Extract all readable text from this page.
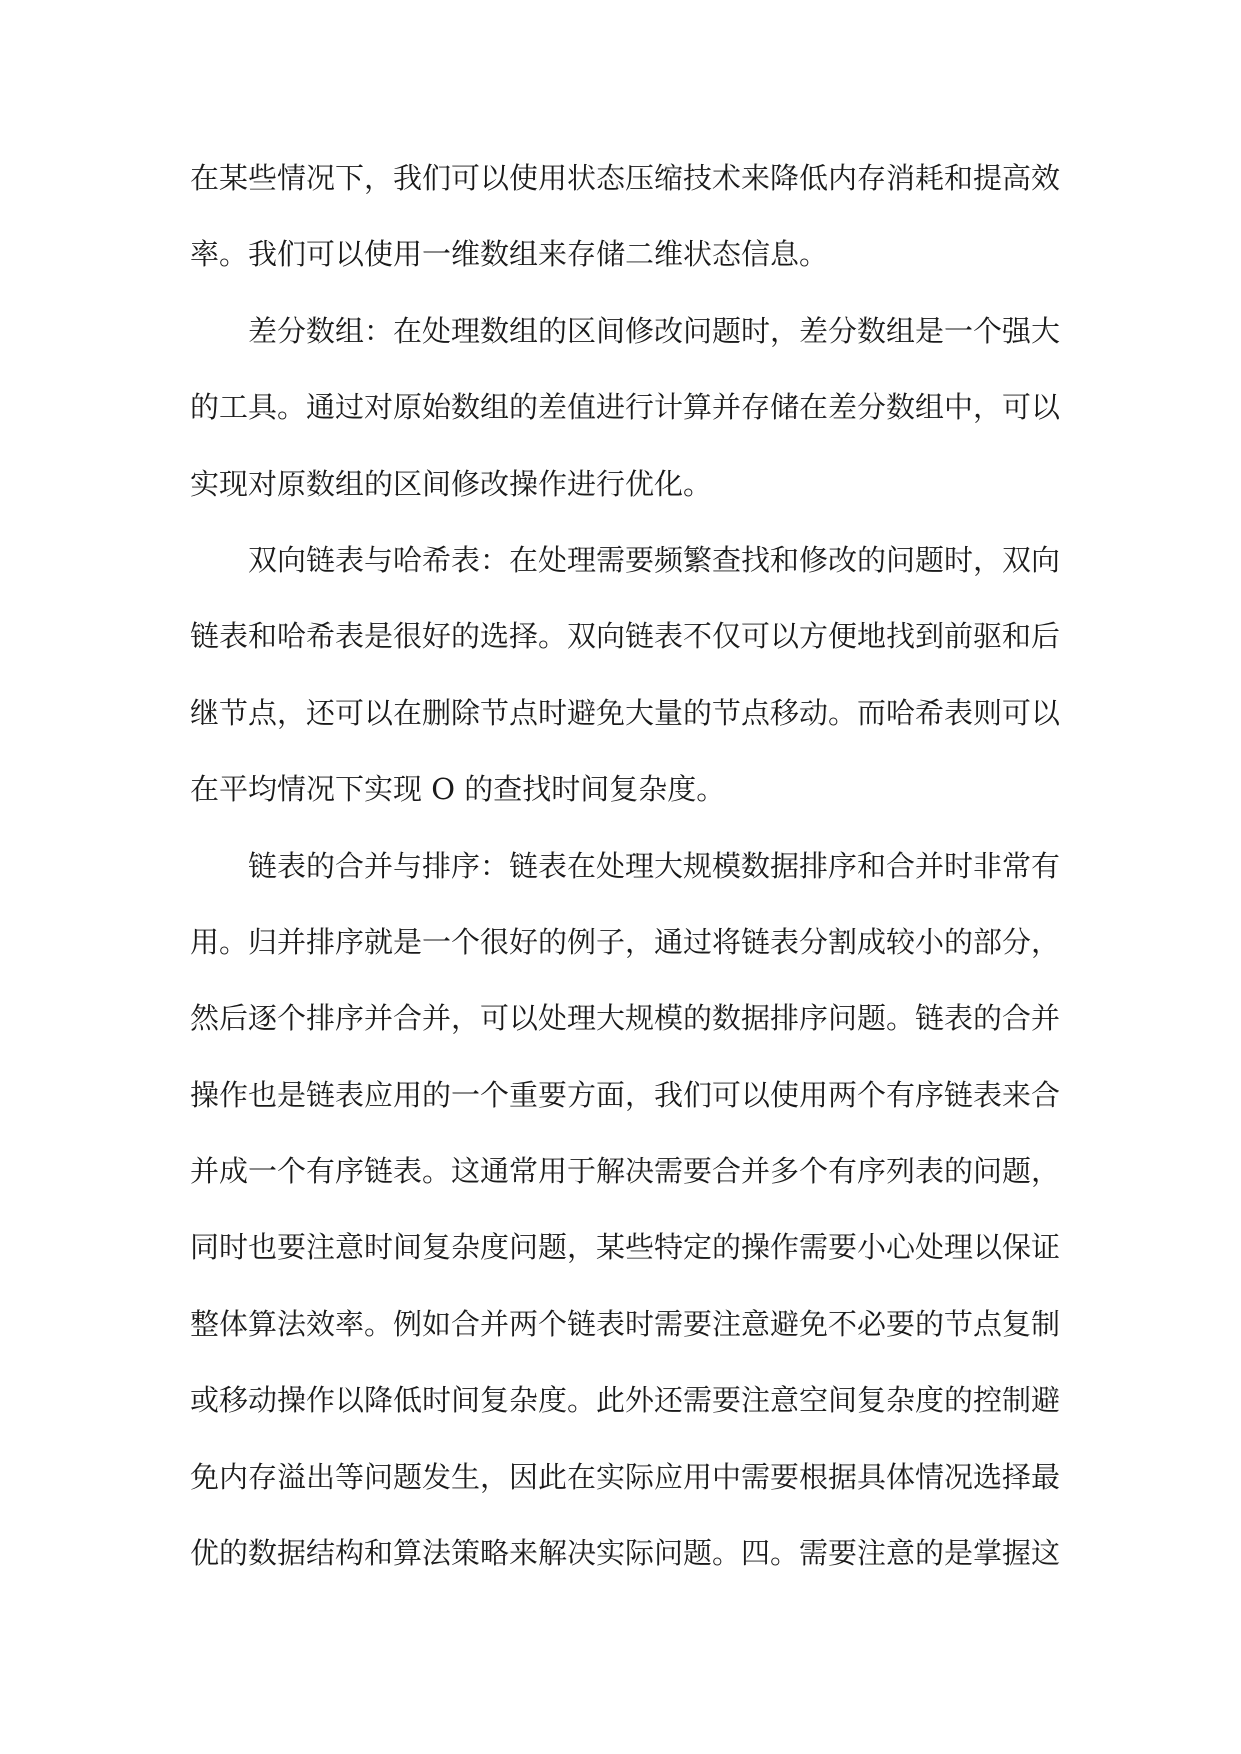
在某些情况下，我们可以使用状态压缩技术来降低内存消耗和提高效
率。我们可以使用一维数组来存储二维状态信息。
差分数组：在处理数组的区间修改问题时，差分数组是一个强大
的工具。通过对原始数组的差值进行计算并存储在差分数组中，可以
实现对原数组的区间修改操作进行优化。
双向链表与哈希表：在处理需要频繁查找和修改的问题时，双向
链表和哈希表是很好的选择。双向链表不仅可以方便地找到前驱和后
继节点，还可以在删除节点时避免大量的节点移动。而哈希表则可以
在平均情况下实现 O 的查找时间复杂度。
链表的合并与排序：链表在处理大规模数据排序和合并时非常有
用。归并排序就是一个很好的例子，通过将链表分割成较小的部分，
然后逐个排序并合并，可以处理大规模的数据排序问题。链表的合并
操作也是链表应用的一个重要方面，我们可以使用两个有序链表来合
并成一个有序链表。这通常用于解决需要合并多个有序列表的问题，
同时也要注意时间复杂度问题，某些特定的操作需要小心处理以保证
整体算法效率。例如合并两个链表时需要注意避免不必要的节点复制
或移动操作以降低时间复杂度。此外还需要注意空间复杂度的控制避
免内存溢出等问题发生，因此在实际应用中需要根据具体情况选择最
优的数据结构和算法策略来解决实际问题。四。需要注意的是掌握这
